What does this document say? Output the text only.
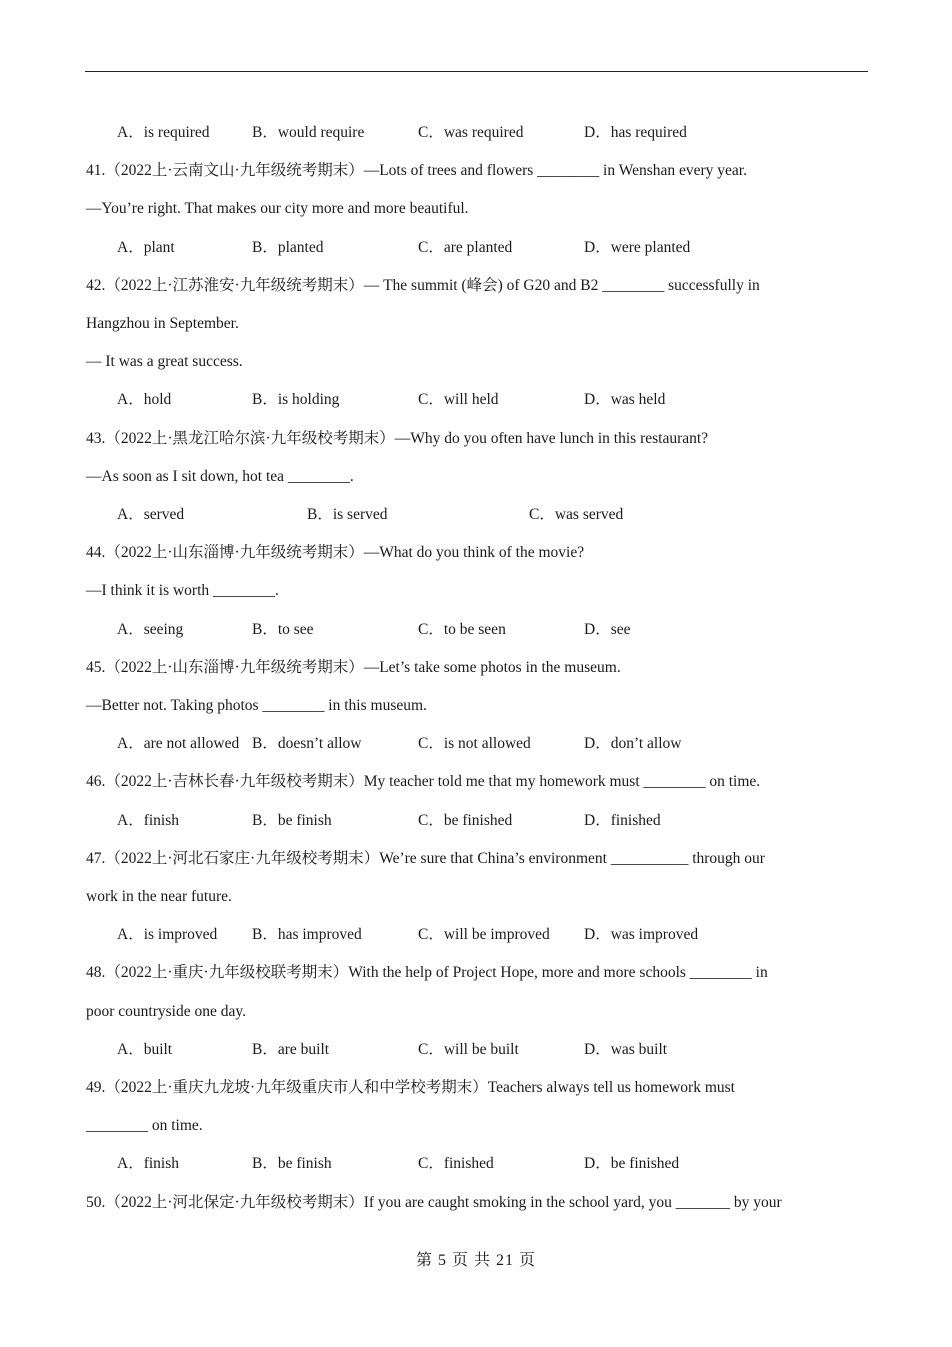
A．is required	B．would require	C．was required	D．has required
41.（2022上·云南文山·九年级统考期末）—Lots of trees and flowers ________ in Wenshan every year.
—You’re right. That makes our city more and more beautiful.
A．plant	B．planted	C．are planted	D．were planted
42.（2022上·江苏淮安·九年级统考期末）— The summit (峰会) of G20 and B2 ________ successfully in
Hangzhou in September.
— It was a great success.
A．hold	B．is holding	C．will held	D．was held
43.（2022上·黑龙江哈尔滨·九年级校考期末）—Why do you often have lunch in this restaurant?
—As soon as I sit down, hot tea ________.
A．served	B．is served	C．was served
44.（2022上·山东淄博·九年级统考期末）—What do you think of the movie?
—I think it is worth ________.
A．seeing	B．to see	C．to be seen	D．see
45.（2022上·山东淄博·九年级统考期末）—Let’s take some photos in the museum.
—Better not. Taking photos ________ in this museum.
A．are not allowed B．doesn’t allow	C．is not allowed	D．don’t allow
46.（2022上·吉林长春·九年级校考期末）My teacher told me that my homework must ________ on time.
A．finish	B．be finish	C．be finished	D．finished
47.（2022上·河北石家庄·九年级校考期末）We’re sure that China’s environment __________ through our
work in the near future.
A．is improved B．has improved	C．will be improved D．was improved
48.（2022上·重庆·九年级校联考期末）With the help of Project Hope, more and more schools ________ in
poor countryside one day.
A．built	B．are built	C．will be built	D．was built
49.（2022上·重庆九龙坡·九年级重庆市人和中学校考期末）Teachers always tell us homework must
________ on time.
A．finish	B．be finish	C．finished	D．be finished
50.（2022上·河北保定·九年级校考期末）If you are caught smoking in the school yard, you _______ by your
第 5 页 共 21 页
